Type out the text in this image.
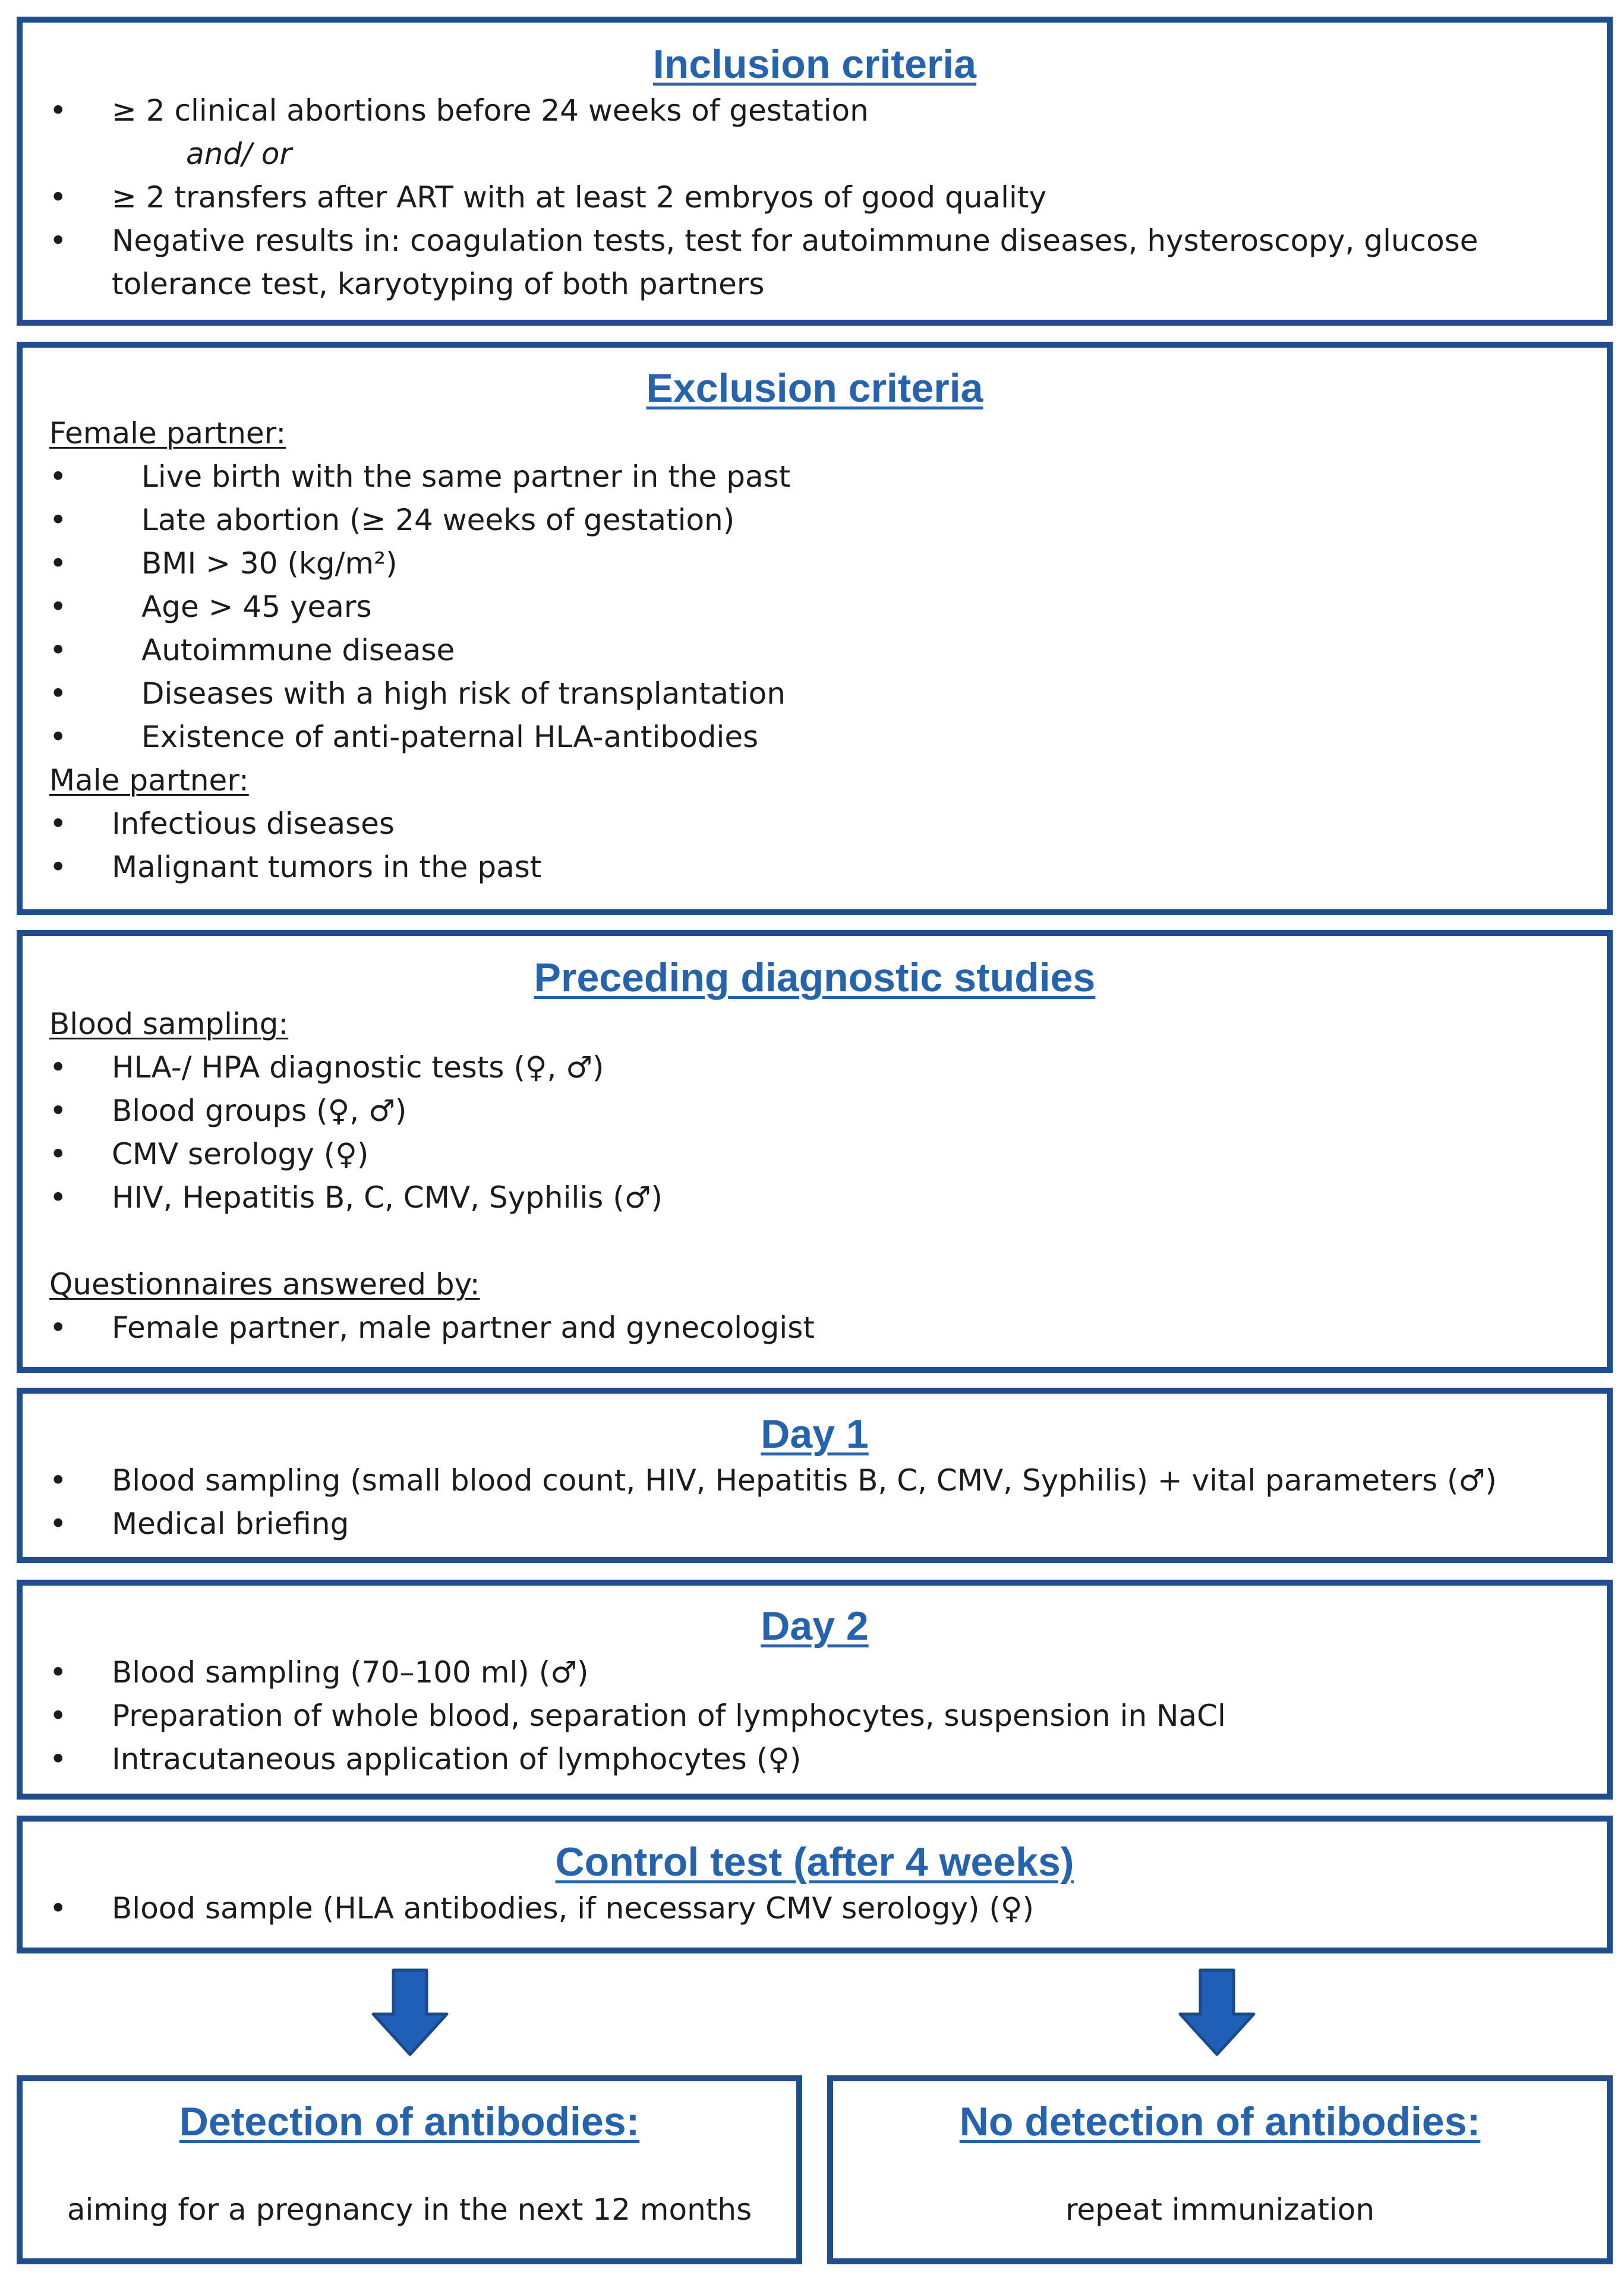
Inclusion criteria
•	≥ 2 clinical abortions before 24 weeks of gestation
and/ or
•	≥ 2 transfers after ART with at least 2 embryos of good quality
•	Negative results in: coagulation tests, test for autoimmune diseases, hysteroscopy, glucose tolerance test, karyotyping of both partners
Exclusion criteria
Female partner:
•	Live birth with the same partner in the past
•	Late abortion (≥ 24 weeks of gestation)
•	BMI > 30 (kg/m²)
•	Age > 45 years
•	Autoimmune disease
•	Diseases with a high risk of transplantation
•	Existence of anti-paternal HLA-antibodies
Male partner:
•	Infectious diseases
•	Malignant tumors in the past
Preceding diagnostic studies
Blood sampling:
•	HLA-/ HPA diagnostic tests (♀, ♂)
•	Blood groups (♀, ♂)
•	CMV serology (♀)
•	HIV, Hepatitis B, C, CMV, Syphilis (♂)
Questionnaires answered by:
•	Female partner, male partner and gynecologist
Day 1
•	Blood sampling (small blood count, HIV, Hepatitis B, C, CMV, Syphilis) + vital parameters (♂)
•	Medical briefing
Day 2
•	Blood sampling (70–100 ml) (♂)
•	Preparation of whole blood, separation of lymphocytes, suspension in NaCl
•	Intracutaneous application of lymphocytes (♀)
Control test (after 4 weeks)
•	Blood sample (HLA antibodies, if necessary CMV serology) (♀)
Detection of antibodies:
aiming for a pregnancy in the next 12 months
No detection of antibodies:
repeat immunization
